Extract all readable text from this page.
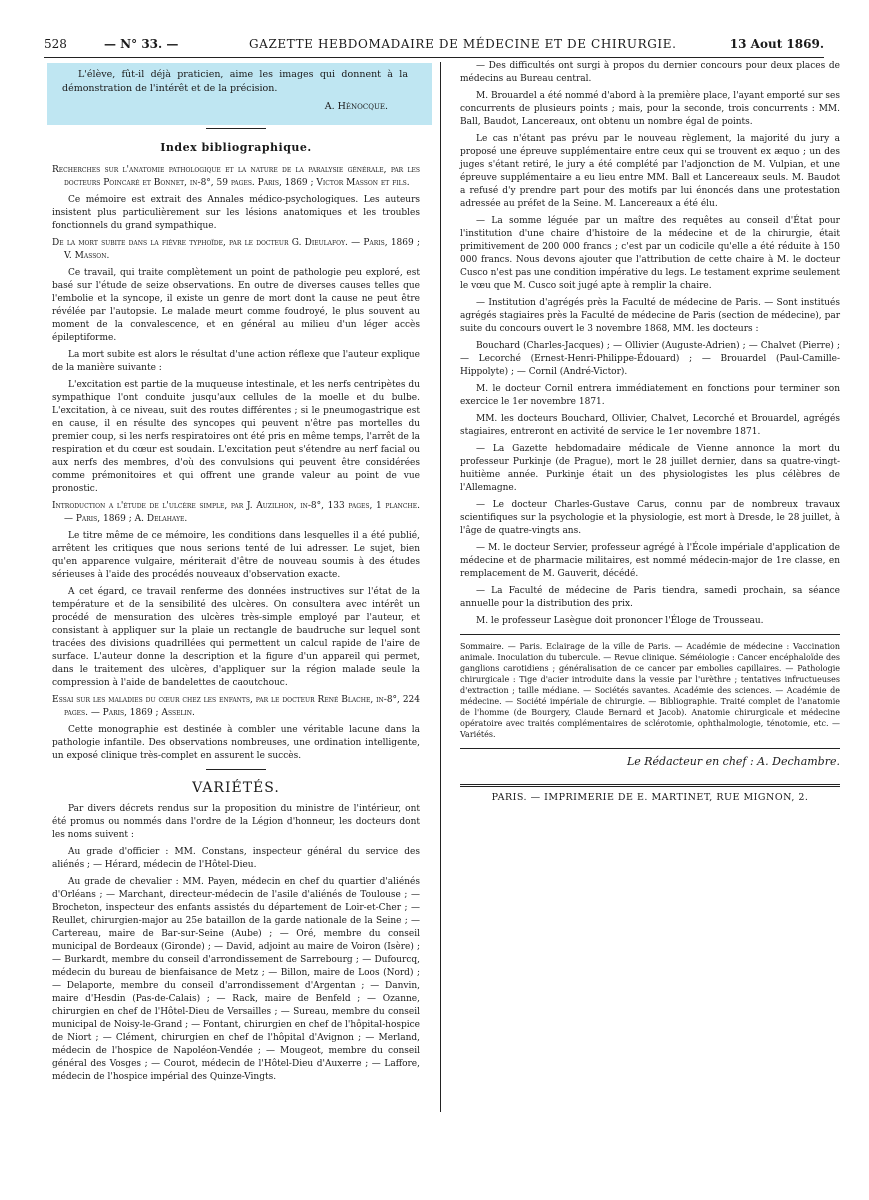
528	— N° 33. —	GAZETTE HEBDOMADAIRE DE MÉDECINE ET DE CHIRURGIE.	13 Aout 1869.
L'élève, fût-il déjà praticien, aime les images qui donnent à la démonstration de l'intérêt et de la précision.
A. Hénocque.
Index bibliographique.

Recherches sur l'anatomie pathologique et la nature de la paralysie générale, par les docteurs Poincaré et Bonnet, in-8°, 59 pages. Paris, 1869 ; Victor Masson et fils.

Ce mémoire est extrait des Annales médico-psychologiques. Les auteurs insistent plus particulièrement sur les lésions anatomiques et les troubles fonctionnels du grand sympathique.

De la mort subite dans la fièvre typhoïde, par le docteur G. Dieulafoy. — Paris, 1869 ; V. Masson.

Ce travail, qui traite complètement un point de pathologie peu exploré, est basé sur l'étude de seize observations. En outre de diverses causes telles que l'embolie et la syncope, il existe un genre de mort dont la cause ne peut être révélée par l'autopsie. Le malade meurt comme foudroyé, le plus souvent au moment de la convalescence, et en général au milieu d'un léger accès épileptiforme.

La mort subite est alors le résultat d'une action réflexe que l'auteur explique de la manière suivante :

L'excitation est partie de la muqueuse intestinale, et les nerfs centripètes du sympathique l'ont conduite jusqu'aux cellules de la moelle et du bulbe. L'excitation, à ce niveau, suit des routes différentes ; si le pneumogastrique est en cause, il en résulte des syncopes qui peuvent n'être pas mortelles du premier coup, si les nerfs respiratoires ont été pris en même temps, l'arrêt de la respiration et du cœur est soudain. L'excitation peut s'étendre au nerf facial ou aux nerfs des membres, d'où des convulsions qui peuvent être considérées comme prémonitoires et qui offrent une grande valeur au point de vue pronostic.

Introduction a l'étude de l'ulcère simple, par J. Auzilhon, in-8°, 133 pages, 1 planche. — Paris, 1869 ; A. Delahaye.

Le titre même de ce mémoire, les conditions dans lesquelles il a été publié, arrêtent les critiques que nous serions tenté de lui adresser. Le sujet, bien qu'en apparence vulgaire, mériterait d'être de nouveau soumis à des études sérieuses à l'aide des procédés nouveaux d'observation exacte.

A cet égard, ce travail renferme des données instructives sur l'état de la température et de la sensibilité des ulcères. On consultera avec intérêt un procédé de mensuration des ulcères très-simple employé par l'auteur, et consistant à appliquer sur la plaie un rectangle de baudruche sur lequel sont tracées des divisions quadrillées qui permettent un calcul rapide de l'aire de surface. L'auteur donne la description et la figure d'un appareil qui permet, dans le traitement des ulcères, d'appliquer sur la région malade seule la compression à l'aide de bandelettes de caoutchouc.

Essai sur les maladies du cœur chez les enfants, par le docteur René Blache, in-8°, 224 pages. — Paris, 1869 ; Asselin.

Cette monographie est destinée à combler une véritable lacune dans la pathologie infantile. Des observations nombreuses, une ordination intelligente, un exposé clinique très-complet en assurent le succès.

VARIÉTÉS.

Par divers décrets rendus sur la proposition du ministre de l'intérieur, ont été promus ou nommés dans l'ordre de la Légion d'honneur, les docteurs dont les noms suivent :

Au grade d'officier : MM. Constans, inspecteur général du service des aliénés ; — Hérard, médecin de l'Hôtel-Dieu.

Au grade de chevalier : MM. Payen, médecin en chef du quartier d'aliénés d'Orléans ; — Marchant, directeur-médecin de l'asile d'aliénés de Toulouse ; — Brocheton, inspecteur des enfants assistés du département de Loir-et-Cher ; — Reullet, chirurgien-major au 25e bataillon de la garde nationale de la Seine ; — Cartereau, maire de Bar-sur-Seine (Aube) ; — Oré, membre du conseil municipal de Bordeaux (Gironde) ; — David, adjoint au maire de Voiron (Isère) ; — Burkardt, membre du conseil d'arrondissement de Sarrebourg ; — Dufourcq, médecin du bureau de bienfaisance de Metz ; — Billon, maire de Loos (Nord) ; — Delaporte, membre du conseil d'arrondissement d'Argentan ; — Danvin, maire d'Hesdin (Pas-de-Calais) ; — Rack, maire de Benfeld ; — Ozanne, chirurgien en chef de l'Hôtel-Dieu de Versailles ; — Sureau, membre du conseil municipal de Noisy-le-Grand ; — Fontant, chirurgien en chef de l'hôpital-hospice de Niort ; — Clément, chirurgien en chef de l'hôpital d'Avignon ; — Merland, médecin de l'hospice de Napoléon-Vendée ; — Mougeot, membre du conseil général des Vosges ; — Courot, médecin de l'Hôtel-Dieu d'Auxerre ; — Laffore, médecin de l'hospice impérial des Quinze-Vingts.

— Des difficultés ont surgi à propos du dernier concours pour deux places de médecins au Bureau central.

M. Brouardel a été nommé d'abord à la première place, l'ayant emporté sur ses concurrents de plusieurs points ; mais, pour la seconde, trois concurrents : MM. Ball, Baudot, Lancereaux, ont obtenu un nombre égal de points.

Le cas n'étant pas prévu par le nouveau règlement, la majorité du jury a proposé une épreuve supplémentaire entre ceux qui se trouvent ex æquo ; un des juges s'étant retiré, le jury a été complété par l'adjonction de M. Vulpian, et une épreuve supplémentaire a eu lieu entre MM. Ball et Lancereaux seuls. M. Baudot a refusé d'y prendre part pour des motifs par lui énoncés dans une protestation adressée au préfet de la Seine. M. Lancereaux a été élu.

— La somme léguée par un maître des requêtes au conseil d'État pour l'institution d'une chaire d'histoire de la médecine et de la chirurgie, était primitivement de 200 000 francs ; c'est par un codicile qu'elle a été réduite à 150 000 francs. Nous devons ajouter que l'attribution de cette chaire à M. le docteur Cusco n'est pas une condition impérative du legs. Le testament exprime seulement le vœu que M. Cusco soit jugé apte à remplir la chaire.

— Institution d'agrégés près la Faculté de médecine de Paris. — Sont institués agrégés stagiaires près la Faculté de médecine de Paris (section de médecine), par suite du concours ouvert le 3 novembre 1868, MM. les docteurs :

Bouchard (Charles-Jacques) ; — Ollivier (Auguste-Adrien) ; — Chalvet (Pierre) ; — Lecorché (Ernest-Henri-Philippe-Édouard) ; — Brouardel (Paul-Camille-Hippolyte) ; — Cornil (André-Victor).

M. le docteur Cornil entrera immédiatement en fonctions pour terminer son exercice le 1er novembre 1871.

MM. les docteurs Bouchard, Ollivier, Chalvet, Lecorché et Brouardel, agrégés stagiaires, entreront en activité de service le 1er novembre 1871.

— La Gazette hebdomadaire médicale de Vienne annonce la mort du professeur Purkinje (de Prague), mort le 28 juillet dernier, dans sa quatre-vingt-huitième année. Purkinje était un des physiologistes les plus célèbres de l'Allemagne.

— Le docteur Charles-Gustave Carus, connu par de nombreux travaux scientifiques sur la psychologie et la physiologie, est mort à Dresde, le 28 juillet, à l'âge de quatre-vingts ans.

— M. le docteur Servier, professeur agrégé à l'École impériale d'application de médecine et de pharmacie militaires, est nommé médecin-major de 1re classe, en remplacement de M. Gauverit, décédé.

— La Faculté de médecine de Paris tiendra, samedi prochain, sa séance annuelle pour la distribution des prix.

M. le professeur Lasègue doit prononcer l'Éloge de Trousseau.

Sommaire. — Paris. Eclairage de la ville de Paris. — Académie de médecine : Vaccination animale. Inoculation du tubercule. — Revue clinique. Séméiologie : Cancer encéphaloïde des ganglions carotidiens ; généralisation de ce cancer par embolies capillaires. — Pathologie chirurgicale : Tige d'acier introduite dans la vessie par l'urèthre ; tentatives infructueuses d'extraction ; taille médiane. — Sociétés savantes. Académie des sciences. — Académie de médecine. — Société impériale de chirurgie. — Bibliographie. Traité complet de l'anatomie de l'homme (de Bourgery, Claude Bernard et Jacob). Anatomie chirurgicale et médecine opératoire avec traités complémentaires de sclérotomie, ophthalmologie, ténotomie, etc. — Variétés.
Le Rédacteur en chef : A. Dechambre.
PARIS. — IMPRIMERIE DE E. MARTINET, RUE MIGNON, 2.
